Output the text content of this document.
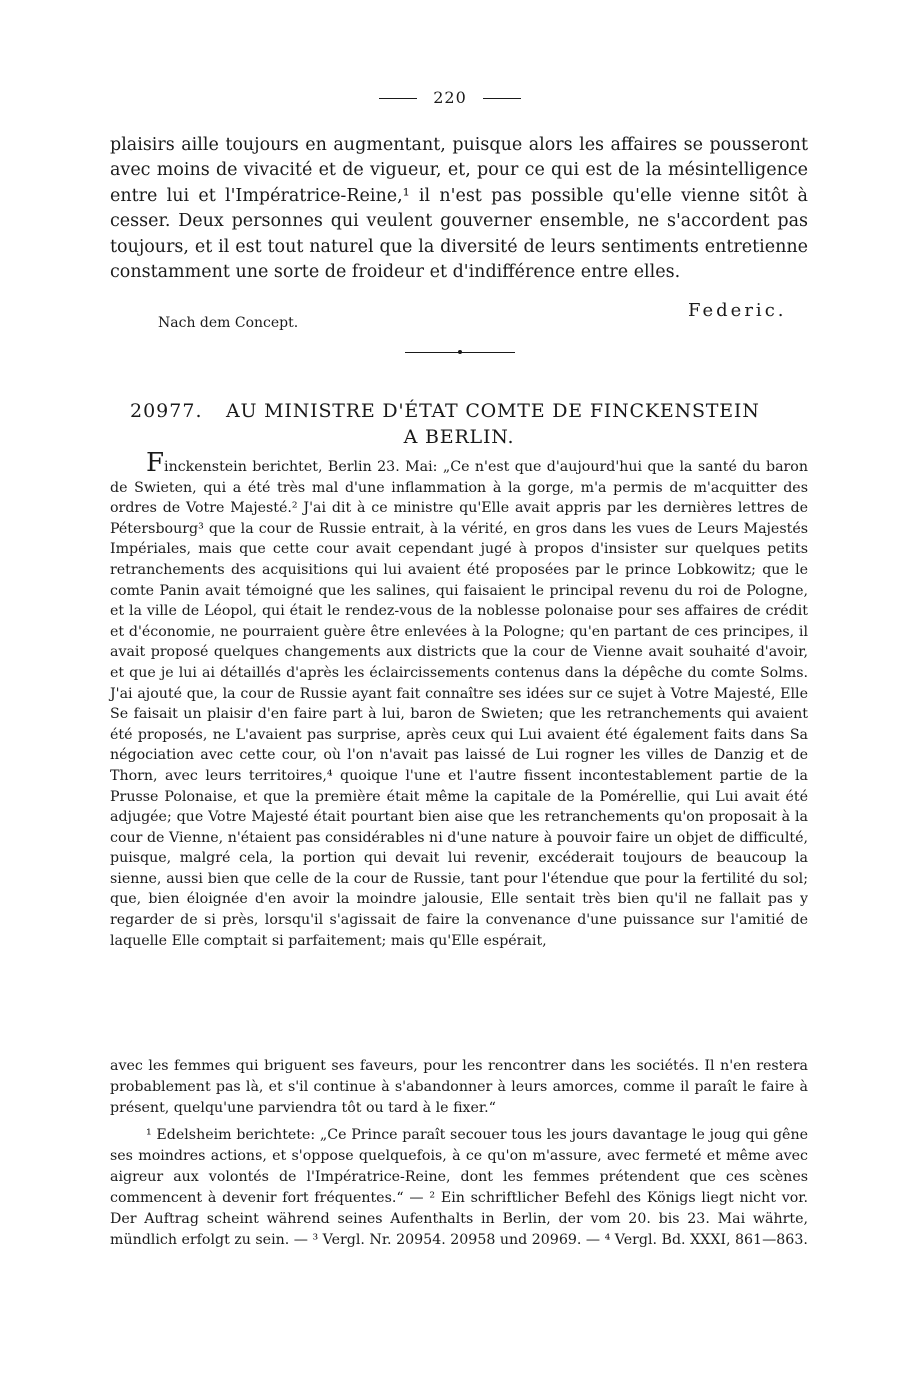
220
plaisirs aille toujours en augmentant, puisque alors les affaires se pousseront avec moins de vivacité et de vigueur, et, pour ce qui est de la mésintelligence entre lui et l'Impératrice-Reine,¹ il n'est pas possible qu'elle vienne sitôt à cesser. Deux personnes qui veulent gouverner ensemble, ne s'accordent pas toujours, et il est tout naturel que la diversité de leurs sentiments entretienne constamment une sorte de froideur et d'indifférence entre elles.
Federic.
Nach dem Concept.
20977. AU MINISTRE D'ÉTAT COMTE DE FINCKENSTEIN
A BERLIN.
Finckenstein berichtet, Berlin 23. Mai: „Ce n'est que d'aujourd'hui que la santé du baron de Swieten, qui a été très mal d'une inflammation à la gorge, m'a permis de m'acquitter des ordres de Votre Majesté.² J'ai dit à ce ministre qu'Elle avait appris par les dernières lettres de Pétersbourg³ que la cour de Russie entrait, à la vérité, en gros dans les vues de Leurs Majestés Impériales, mais que cette cour avait cependant jugé à propos d'insister sur quelques petits retranchements des acquisitions qui lui avaient été proposées par le prince Lobkowitz; que le comte Panin avait témoigné que les salines, qui faisaient le principal revenu du roi de Pologne, et la ville de Léopol, qui était le rendez-vous de la noblesse polonaise pour ses affaires de crédit et d'économie, ne pourraient guère être enlevées à la Pologne; qu'en partant de ces principes, il avait proposé quelques changements aux districts que la cour de Vienne avait souhaité d'avoir, et que je lui ai détaillés d'après les éclaircissements contenus dans la dépêche du comte Solms. J'ai ajouté que, la cour de Russie ayant fait connaître ses idées sur ce sujet à Votre Majesté, Elle Se faisait un plaisir d'en faire part à lui, baron de Swieten; que les retranchements qui avaient été proposés, ne L'avaient pas surprise, après ceux qui Lui avaient été également faits dans Sa négociation avec cette cour, où l'on n'avait pas laissé de Lui rogner les villes de Danzig et de Thorn, avec leurs territoires,⁴ quoique l'une et l'autre fissent incontestablement partie de la Prusse Polonaise, et que la première était même la capitale de la Pomérellie, qui Lui avait été adjugée; que Votre Majesté était pourtant bien aise que les retranchements qu'on proposait à la cour de Vienne, n'étaient pas considérables ni d'une nature à pouvoir faire un objet de difficulté, puisque, malgré cela, la portion qui devait lui revenir, excéderait toujours de beaucoup la sienne, aussi bien que celle de la cour de Russie, tant pour l'étendue que pour la fertilité du sol; que, bien éloignée d'en avoir la moindre jalousie, Elle sentait très bien qu'il ne fallait pas y regarder de si près, lorsqu'il s'agissait de faire la convenance d'une puissance sur l'amitié de laquelle Elle comptait si parfaitement; mais qu'Elle espérait,

avec les femmes qui briguent ses faveurs, pour les rencontrer dans les sociétés. Il n'en restera probablement pas là, et s'il continue à s'abandonner à leurs amorces, comme il paraît le faire à présent, quelqu'une parviendra tôt ou tard à le fixer.“

¹ Edelsheim berichtete: „Ce Prince paraît secouer tous les jours davantage le joug qui gêne ses moindres actions, et s'oppose quelquefois, à ce qu'on m'assure, avec fermeté et même avec aigreur aux volontés de l'Impératrice-Reine, dont les femmes prétendent que ces scènes commencent à devenir fort fréquentes.“ — ² Ein schriftlicher Befehl des Königs liegt nicht vor. Der Auftrag scheint während seines Aufenthalts in Berlin, der vom 20. bis 23. Mai währte, mündlich erfolgt zu sein. — ³ Vergl. Nr. 20954. 20958 und 20969. — ⁴ Vergl. Bd. XXXI, 861—863.
